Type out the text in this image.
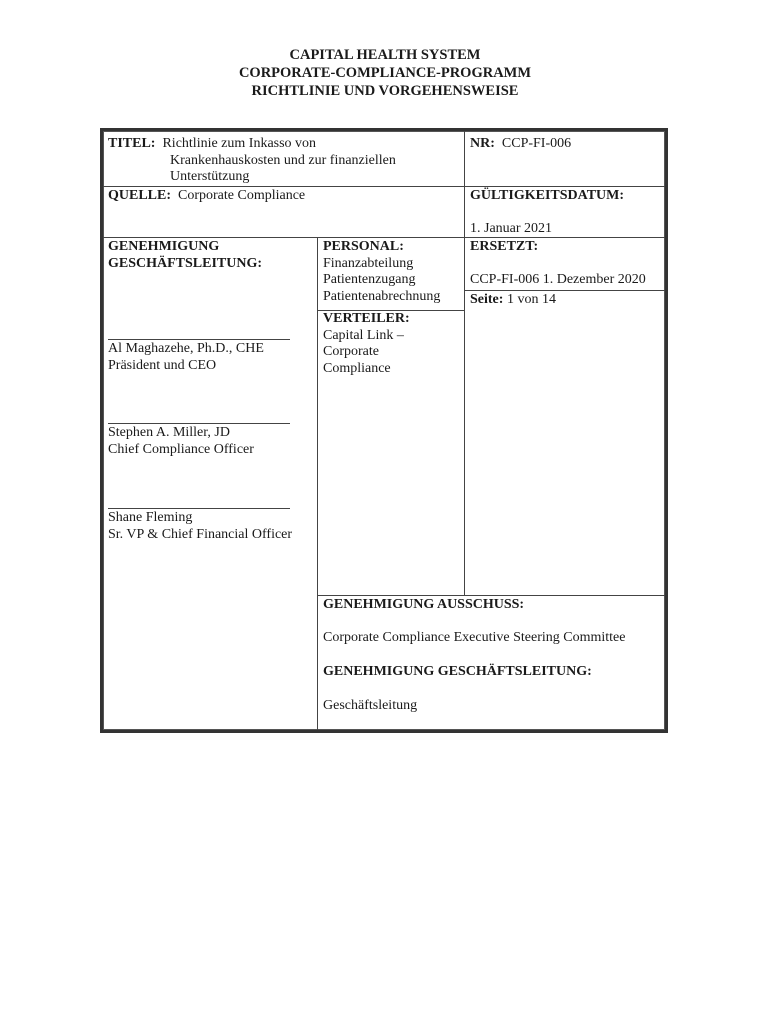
CAPITAL HEALTH SYSTEM
CORPORATE-COMPLIANCE-PROGRAMM
RICHTLINIE UND VORGEHENSWEISE
TITEL: Richtlinie zum Inkasso von
Krankenhauskosten und zur finanziellen
Unterstützung
NR: CCP-FI-006
QUELLE: Corporate Compliance	GÜLTIGKEITSDATUM:
1. Januar 2021
GENEHMIGUNG
GESCHÄFTSLEITUNG:
Al Maghazehe, Ph.D., CHE
Präsident und CEO
Stephen A. Miller, JD
Chief Compliance Officer
Shane Fleming
Sr. VP & Chief Financial Officer
PERSONAL:
Finanzabteilung
Patientenzugang
Patientenabrechnung
VERTEILER:
Capital Link –
Corporate
Compliance
ERSETZT:
CCP-FI-006 1. Dezember 2020
Seite: 1 von 14
GENEHMIGUNG AUSSCHUSS:
Corporate Compliance Executive Steering Committee
GENEHMIGUNG GESCHÄFTSLEITUNG:
Geschäftsleitung
